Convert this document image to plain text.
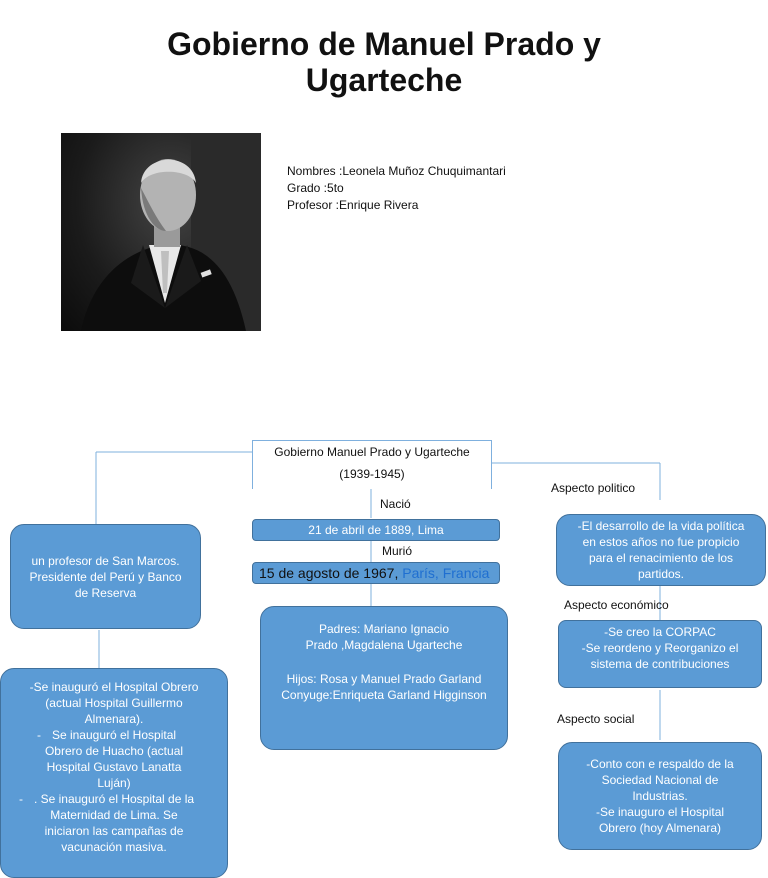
Gobierno de Manuel Prado y
Ugarteche
Nombres :Leonela Muñoz Chuquimantari
Grado :5to
Profesor :Enrique Rivera
Gobierno Manuel Prado y Ugarteche
(1939-1945)
Nació
21 de abril de 1889, Lima
Murió
15 de agosto de 1967, París, Francia
Padres: Mariano Ignacio
Prado ,Magdalena Ugarteche
Hijos: Rosa y Manuel Prado Garland
Conyuge:Enriqueta Garland Higginson
un profesor de San Marcos.
Presidente del Perú y Banco
de Reserva
-Se inauguró el Hospital Obrero
(actual Hospital Guillermo
Almenara).
- Se inauguró el Hospital
Obrero de Huacho (actual
Hospital Gustavo Lanatta
Luján)
- . Se inauguró el Hospital de la
Maternidad de Lima. Se
iniciaron las campañas de
vacunación masiva.
Aspecto politico
-El desarrollo de la vida política
en estos años no fue propicio
para el renacimiento de los
partidos.
Aspecto económico
-Se creo la CORPAC
-Se reordeno y Reorganizo el
sistema de contribuciones
Aspecto social
-Conto con e respaldo de la
Sociedad Nacional de
Industrias.
-Se inauguro el Hospital
Obrero (hoy Almenara)
